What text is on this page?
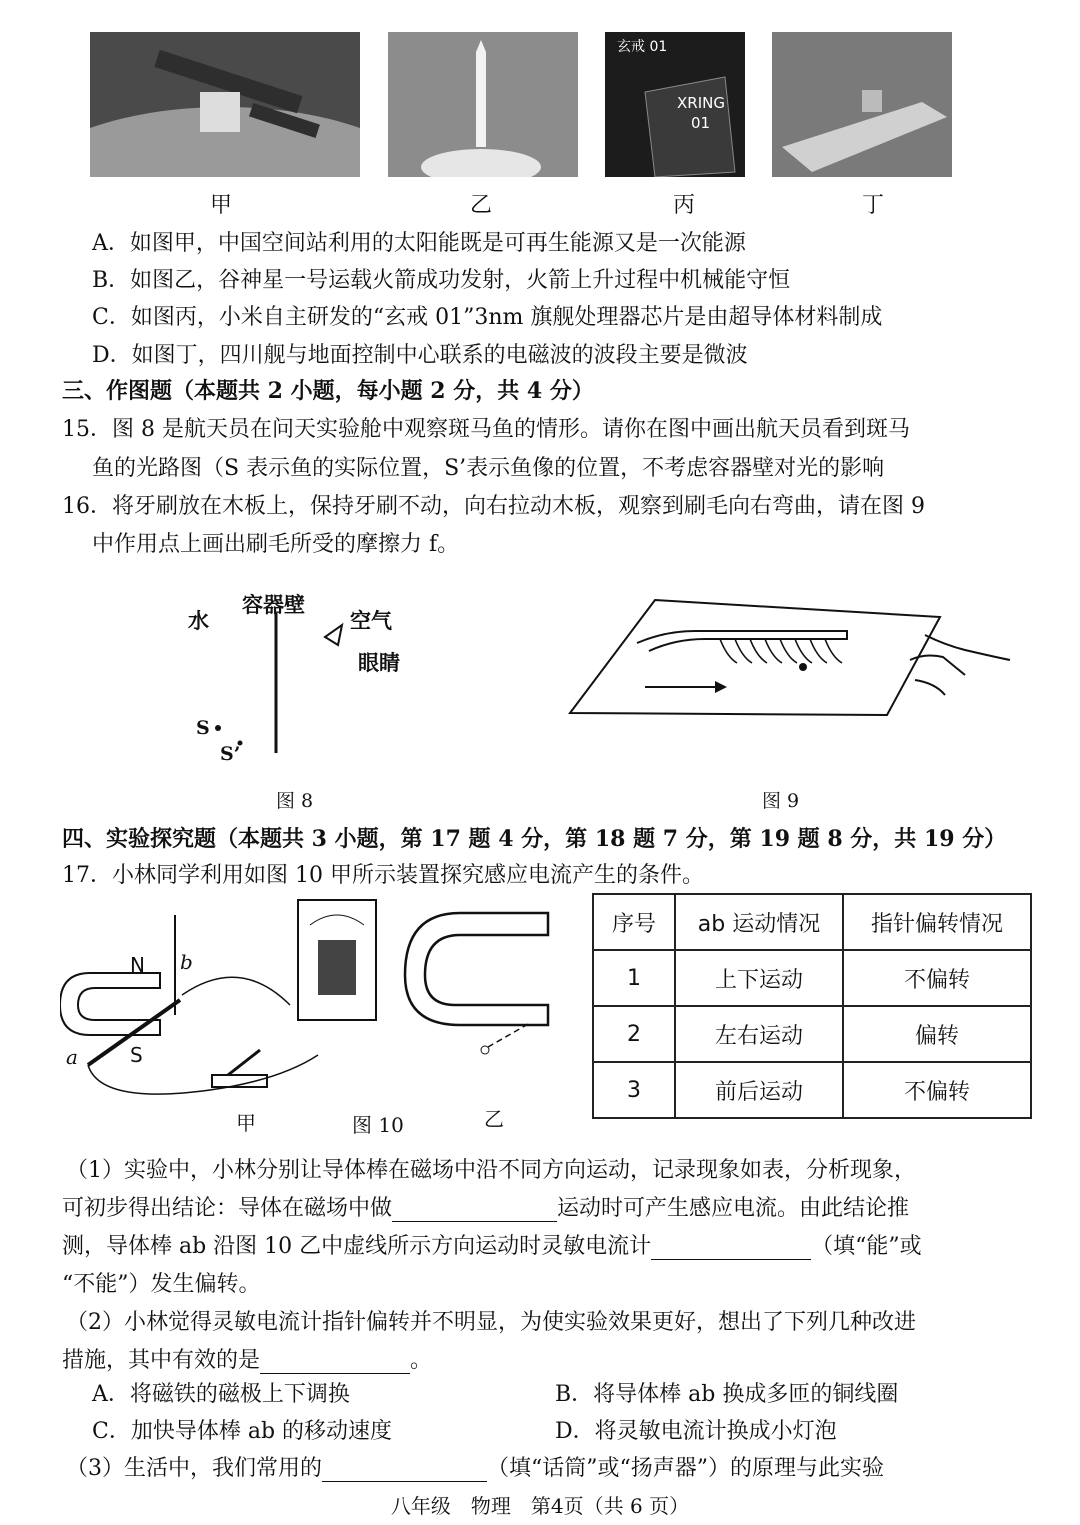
玄戒 01
XRING
01
甲	乙	丙	丁
A．如图甲，中国空间站利用的太阳能既是可再生能源又是一次能源
B．如图乙，谷神星一号运载火箭成功发射，火箭上升过程中机械能守恒
C．如图丙，小米自主研发的“玄戒 01”3nm 旗舰处理器芯片是由超导体材料制成
D．如图丁，四川舰与地面控制中心联系的电磁波的波段主要是微波
三、作图题（本题共 2 小题，每小题 2 分，共 4 分）
15．图 8 是航天员在问天实验舱中观察斑马鱼的情形。请你在图中画出航天员看到斑马
鱼的光路图（S 表示鱼的实际位置，S’表示鱼像的位置，不考虑容器壁对光的影响
16．将牙刷放在木板上，保持牙刷不动，向右拉动木板，观察到刷毛向右弯曲，请在图 9
中作用点上画出刷毛所受的摩擦力 f。
水
容器壁
空气
眼睛
S
S’
图 8	图 9
四、实验探究题（本题共 3 小题，第 17 题 4 分，第 18 题 7 分，第 19 题 8 分，共 19 分）
17．小林同学利用如图 10 甲所示装置探究感应电流产生的条件。
N b
a	S
甲	图 10	乙
序号	ab 运动情况	指针偏转情况
1	上下运动	不偏转
2	左右运动	偏转
3	前后运动	不偏转
（1）实验中，小林分别让导体棒在磁场中沿不同方向运动，记录现象如表，分析现象，
可初步得出结论：导体在磁场中做	运动时可产生感应电流。由此结论推
测，导体棒 ab 沿图 10 乙中虚线所示方向运动时灵敏电流计	（填“能”或
“不能”）发生偏转。
（2）小林觉得灵敏电流计指针偏转并不明显，为使实验效果更好，想出了下列几种改进
措施，其中有效的是	。
A．将磁铁的磁极上下调换	B．将导体棒 ab 换成多匝的铜线圈
C．加快导体棒 ab 的移动速度	D．将灵敏电流计换成小灯泡
（3）生活中，我们常用的	（填“话筒”或“扬声器”）的原理与此实验
八年级　物理　第4页（共 6 页）
